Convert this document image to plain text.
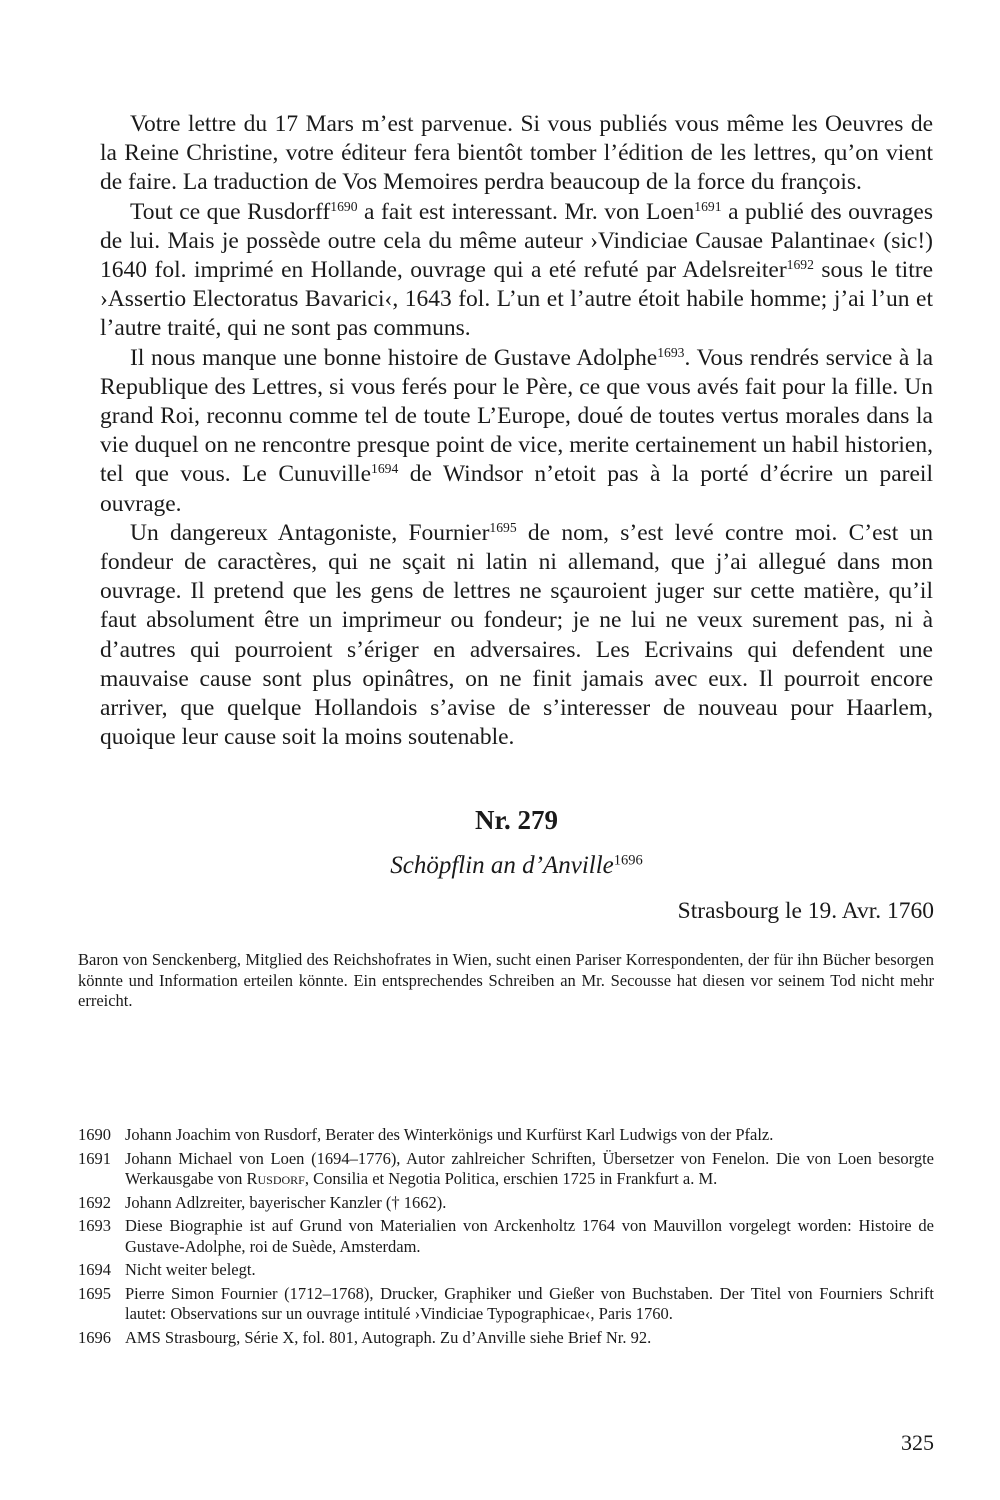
Votre lettre du 17 Mars m’est parvenue. Si vous publiés vous même les Oeuvres de la Reine Christine, votre éditeur fera bientôt tomber l’édition de les lettres, qu’on vient de faire. La traduction de Vos Memoires perdra beaucoup de la force du françois.

Tout ce que Rusdorff$^{1690}$ a fait est interessant. Mr. von Loen$^{1691}$ a publié des ouvrages de lui. Mais je possède outre cela du même auteur ›Vindiciae Causae Palantinae‹ (sic!) 1640 fol. imprimé en Hollande, ouvrage qui a eté refuté par Adelsreiter$^{1692}$ sous le titre ›Assertio Electoratus Bavarici‹, 1643 fol. L’un et l’autre étoit habile homme; j’ai l’un et l’autre traité, qui ne sont pas communs.

Il nous manque une bonne histoire de Gustave Adolphe$^{1693}$. Vous rendrés service à la Republique des Lettres, si vous ferés pour le Père, ce que vous avés fait pour la fille. Un grand Roi, reconnu comme tel de toute L’Europe, doué de toutes vertus morales dans la vie duquel on ne rencontre presque point de vice, merite certainement un habil historien, tel que vous. Le Cunuville$^{1694}$ de Windsor n’etoit pas à la porté d’écrire un pareil ouvrage.

Un dangereux Antagoniste, Fournier$^{1695}$ de nom, s’est levé contre moi. C’est un fondeur de caractères, qui ne sçait ni latin ni allemand, que j’ai allegué dans mon ouvrage. Il pretend que les gens de lettres ne sçauroient juger sur cette matière, qu’il faut absolument être un imprimeur ou fondeur; je ne lui ne veux surement pas, ni à d’autres qui pourroient s’ériger en adversaires. Les Ecrivains qui defendent une mauvaise cause sont plus opinâtres, on ne finit jamais avec eux. Il pourroit encore arriver, que quelque Hollandois s’avise de s’interesser de nouveau pour Haarlem, quoique leur cause soit la moins soutenable.

Nr. 279
Schöpflin an d’Anville$^{1696}$
Strasbourg le 19. Avr. 1760
Baron von Senckenberg, Mitglied des Reichshofrates in Wien, sucht einen Pariser Korrespondenten, der für ihn Bücher besorgen könnte und Information erteilen könnte. Ein entsprechendes Schreiben an Mr. Secousse hat diesen vor seinem Tod nicht mehr erreicht.
1690 Johann Joachim von Rusdorf, Berater des Winterkönigs und Kurfürst Karl Ludwigs von der Pfalz.
1691 Johann Michael von Loen (1694–1776), Autor zahlreicher Schriften, Übersetzer von Fenelon. Die von Loen besorgte Werkausgabe von Rusdorf, Consilia et Negotia Politica, erschien 1725 in Frankfurt a. M.
1692 Johann Adlzreiter, bayerischer Kanzler († 1662).
1693 Diese Biographie ist auf Grund von Materialien von Arckenholtz 1764 von Mauvillon vorgelegt worden: Histoire de Gustave-Adolphe, roi de Suède, Amsterdam.
1694 Nicht weiter belegt.
1695 Pierre Simon Fournier (1712–1768), Drucker, Graphiker und Gießer von Buchstaben. Der Titel von Fourniers Schrift lautet: Observations sur un ouvrage intitulé ›Vindiciae Typographicae‹, Paris 1760.
1696 AMS Strasbourg, Série X, fol. 801, Autograph. Zu d’Anville siehe Brief Nr. 92.
325
